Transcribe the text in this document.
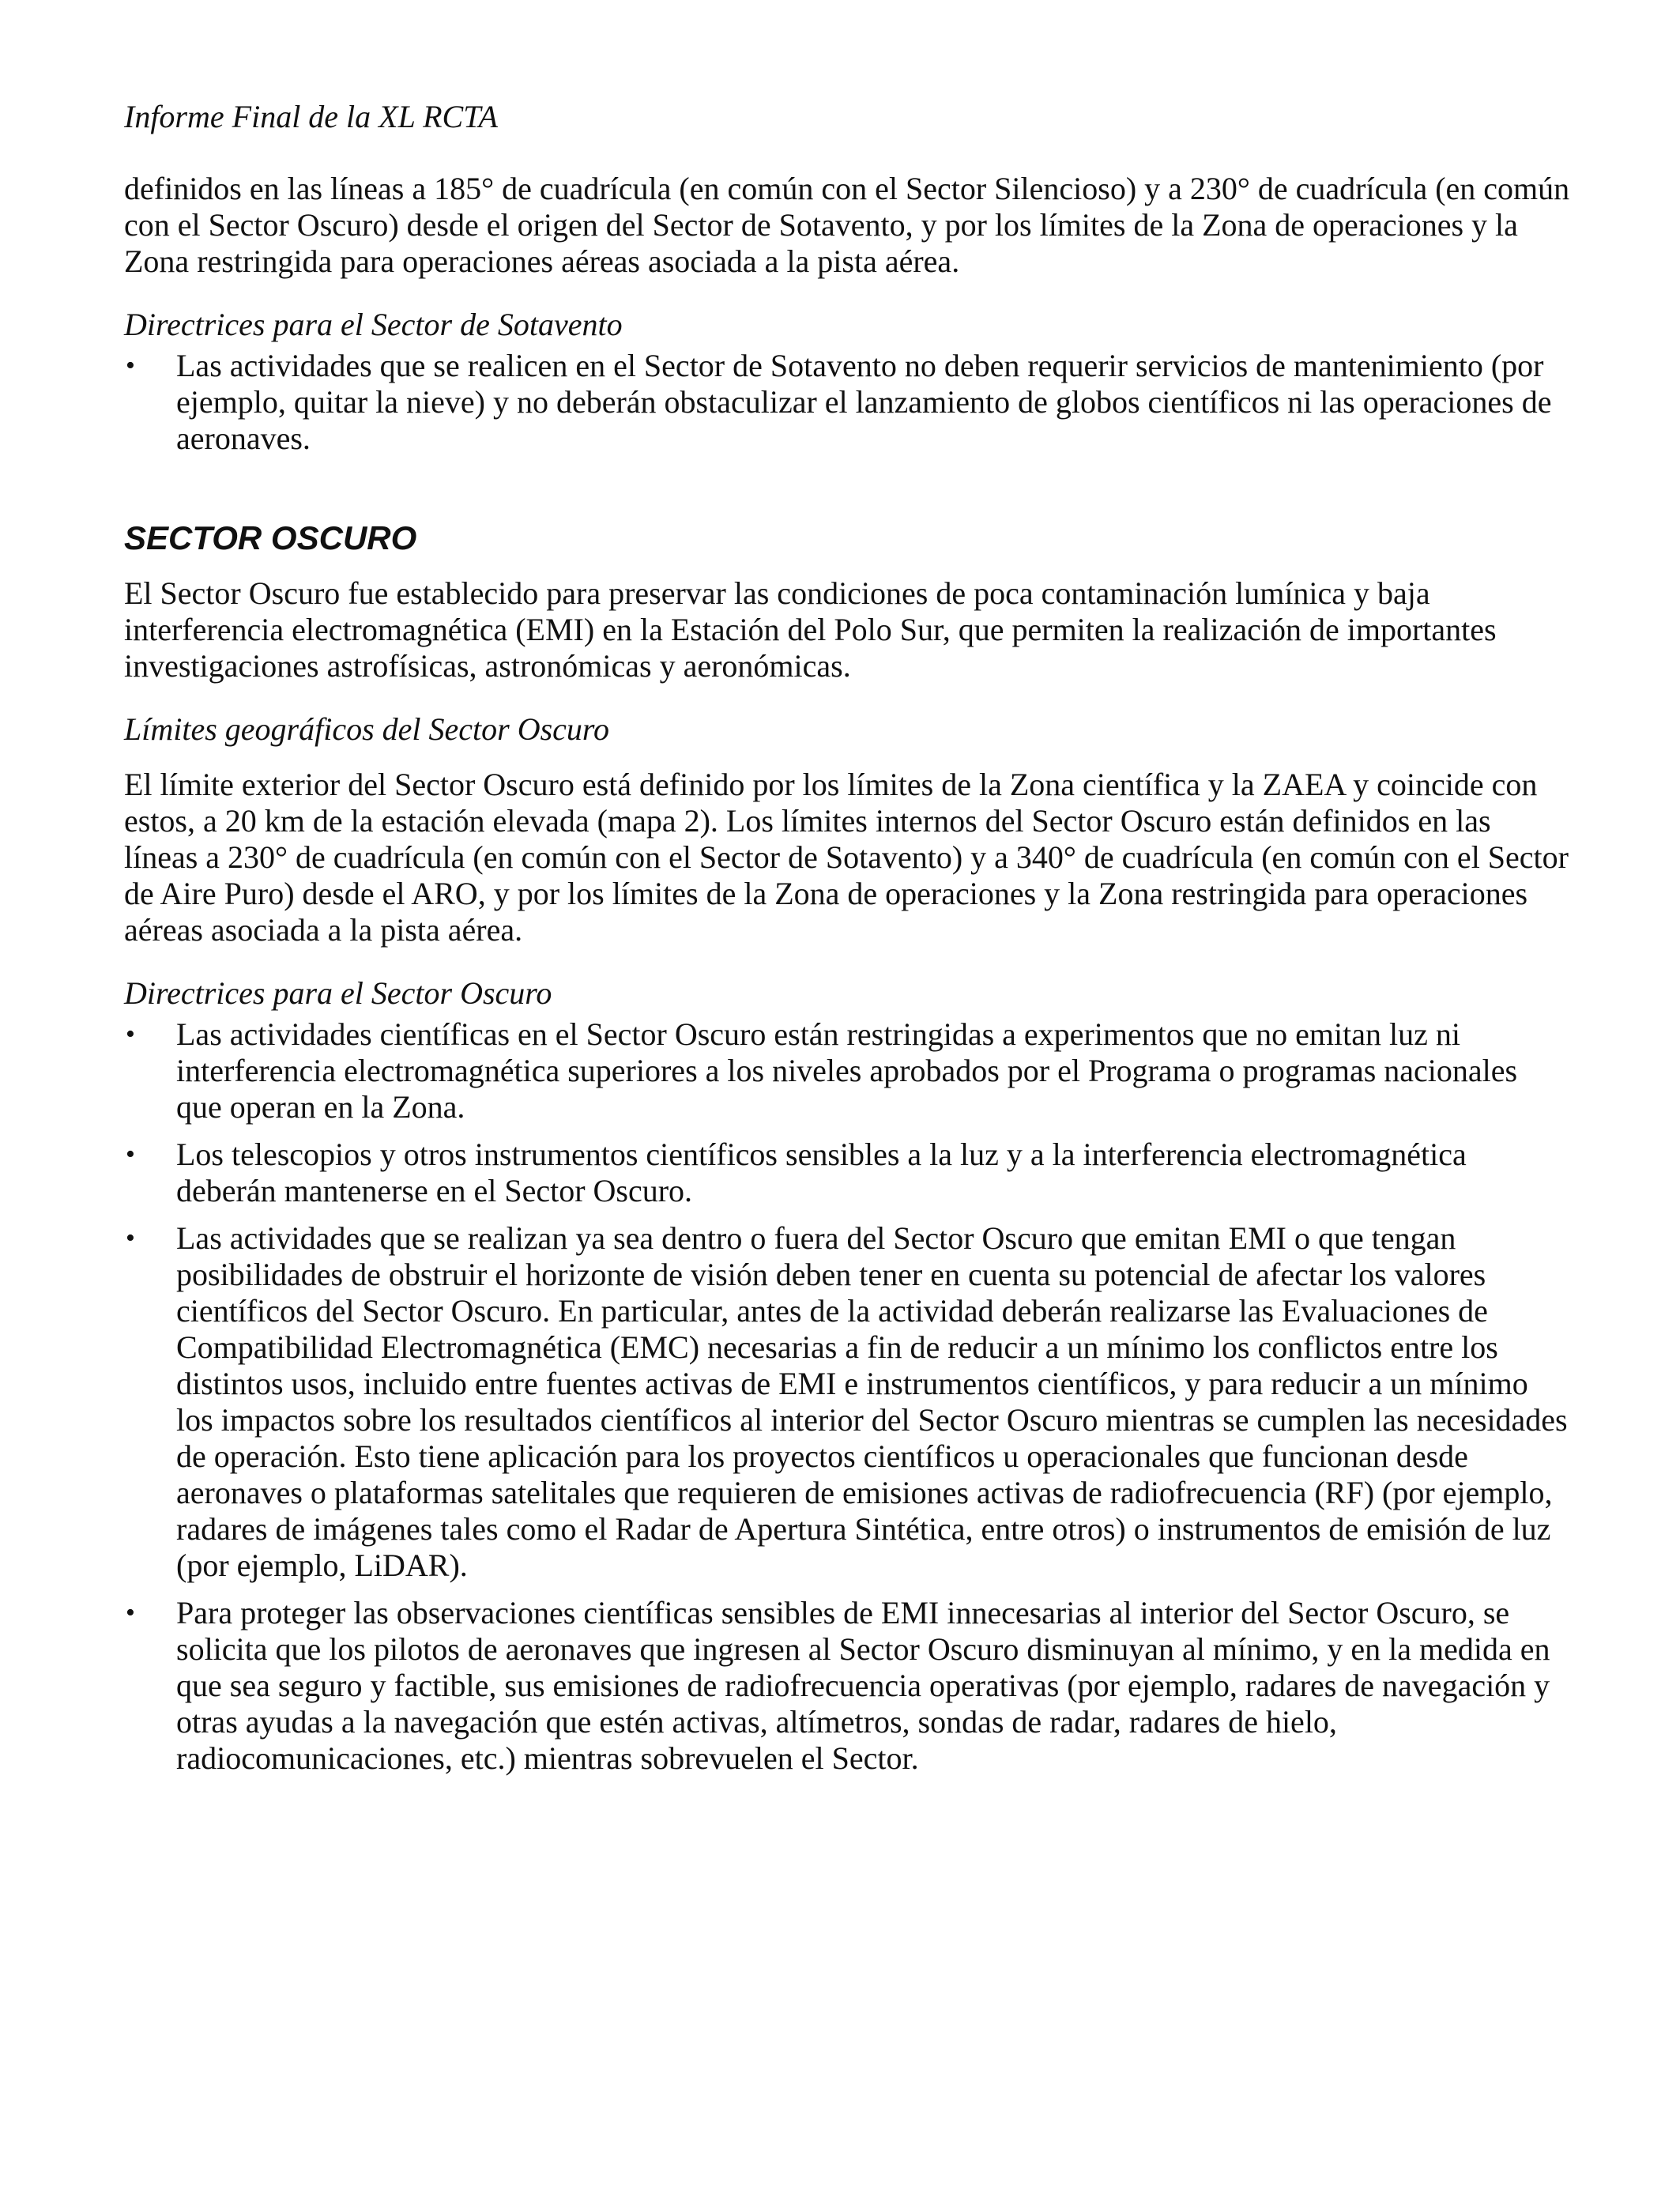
Informe Final de la XL RCTA

definidos en las líneas a 185° de cuadrícula (en común con el Sector Silencioso) y a 230° de cuadrícula (en común con el Sector Oscuro) desde el origen del Sector de Sotavento, y por los límites de la Zona de operaciones y la Zona restringida para operaciones aéreas asociada a la pista aérea.

Directrices para el Sector de Sotavento
• Las actividades que se realicen en el Sector de Sotavento no deben requerir servicios de mantenimiento (por ejemplo, quitar la nieve) y no deberán obstaculizar el lanzamiento de globos científicos ni las operaciones de aeronaves.
SECTOR OSCURO

El Sector Oscuro fue establecido para preservar las condiciones de poca contaminación lumínica y baja interferencia electromagnética (EMI) en la Estación del Polo Sur, que permiten la realización de importantes investigaciones astrofísicas, astronómicas y aeronómicas.

Límites geográficos del Sector Oscuro

El límite exterior del Sector Oscuro está definido por los límites de la Zona científica y la ZAEA y coincide con estos, a 20 km de la estación elevada (mapa 2). Los límites internos del Sector Oscuro están definidos en las líneas a 230° de cuadrícula (en común con el Sector de Sotavento) y a 340° de cuadrícula (en común con el Sector de Aire Puro) desde el ARO, y por los límites de la Zona de operaciones y la Zona restringida para operaciones aéreas asociada a la pista aérea.

Directrices para el Sector Oscuro
• Las actividades científicas en el Sector Oscuro están restringidas a experimentos que no emitan luz ni interferencia electromagnética superiores a los niveles aprobados por el Programa o programas nacionales que operan en la Zona.
• Los telescopios y otros instrumentos científicos sensibles a la luz y a la interferencia electromagnética deberán mantenerse en el Sector Oscuro.
• Las actividades que se realizan ya sea dentro o fuera del Sector Oscuro que emitan EMI o que tengan posibilidades de obstruir el horizonte de visión deben tener en cuenta su potencial de afectar los valores científicos del Sector Oscuro. En particular, antes de la actividad deberán realizarse las Evaluaciones de Compatibilidad Electromagnética (EMC) necesarias a fin de reducir a un mínimo los conflictos entre los distintos usos, incluido entre fuentes activas de EMI e instrumentos científicos, y para reducir a un mínimo los impactos sobre los resultados científicos al interior del Sector Oscuro mientras se cumplen las necesidades de operación. Esto tiene aplicación para los proyectos científicos u operacionales que funcionan desde aeronaves o plataformas satelitales que requieren de emisiones activas de radiofrecuencia (RF) (por ejemplo, radares de imágenes tales como el Radar de Apertura Sintética, entre otros) o instrumentos de emisión de luz (por ejemplo, LiDAR).
• Para proteger las observaciones científicas sensibles de EMI innecesarias al interior del Sector Oscuro, se solicita que los pilotos de aeronaves que ingresen al Sector Oscuro disminuyan al mínimo, y en la medida en que sea seguro y factible, sus emisiones de radiofrecuencia operativas (por ejemplo, radares de navegación y otras ayudas a la navegación que estén activas, altímetros, sondas de radar, radares de hielo, radiocomunicaciones, etc.) mientras sobrevuelen el Sector.
